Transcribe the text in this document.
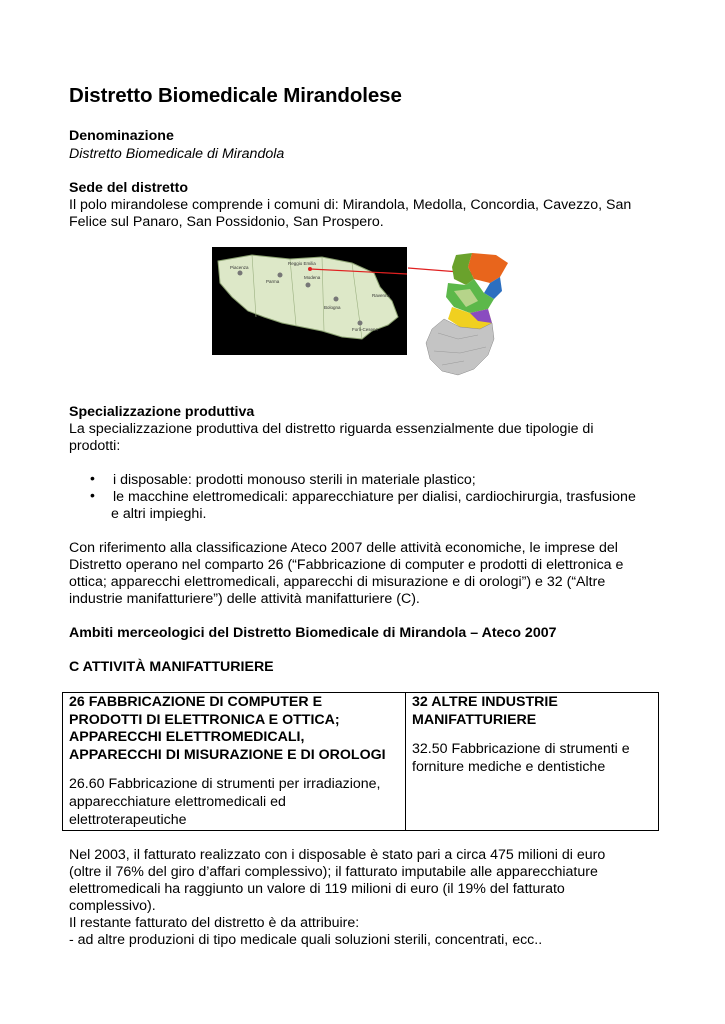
Distretto Biomedicale Mirandolese

Denominazione

Distretto Biomedicale di Mirandola

Sede del distretto

Il polo mirandolese comprende i comuni di: Mirandola, Medolla, Concordia, Cavezzo, San

Felice sul Panaro, San Possidonio, San Prospero.

Piacenza
Reggio Emilia
Parma
Modena
Bologna
Ravenna
Forlì-Cesena

Specializzazione produttiva

La specializzazione produttiva del distretto riguarda essenzialmente due tipologie di

prodotti:

• i disposable: prodotti monouso sterili in materiale plastico;

• le macchine elettromedicali: apparecchiature per dialisi, cardiochirurgia, trasfusione

e altri impieghi.

Con riferimento alla classificazione Ateco 2007 delle attività economiche, le imprese del

Distretto operano nel comparto 26 (“Fabbricazione di computer e prodotti di elettronica e

ottica; apparecchi elettromedicali, apparecchi di misurazione e di orologi”) e 32 (“Altre

industrie manifatturiere”) delle attività manifatturiere (C).

Ambiti merceologici del Distretto Biomedicale di Mirandola – Ateco 2007

C ATTIVITÀ MANIFATTURIERE

26 FABBRICAZIONE DI COMPUTER E
PRODOTTI DI ELETTRONICA E OTTICA;
APPARECCHI ELETTROMEDICALI,
APPARECCHI DI MISURAZIONE E DI OROLOGI
26.60 Fabbricazione di strumenti per irradiazione,
apparecchiature elettromedicali ed
elettroterapeutiche

32 ALTRE INDUSTRIE
MANIFATTURIERE
32.50 Fabbricazione di strumenti e
forniture mediche e dentistiche

Nel 2003, il fatturato realizzato con i disposable è stato pari a circa 475 milioni di euro

(oltre il 76% del giro d’affari complessivo); il fatturato imputabile alle apparecchiature

elettromedicali ha raggiunto un valore di 119 milioni di euro (il 19% del fatturato

complessivo).

Il restante fatturato del distretto è da attribuire:

- ad altre produzioni di tipo medicale quali soluzioni sterili, concentrati, ecc..
